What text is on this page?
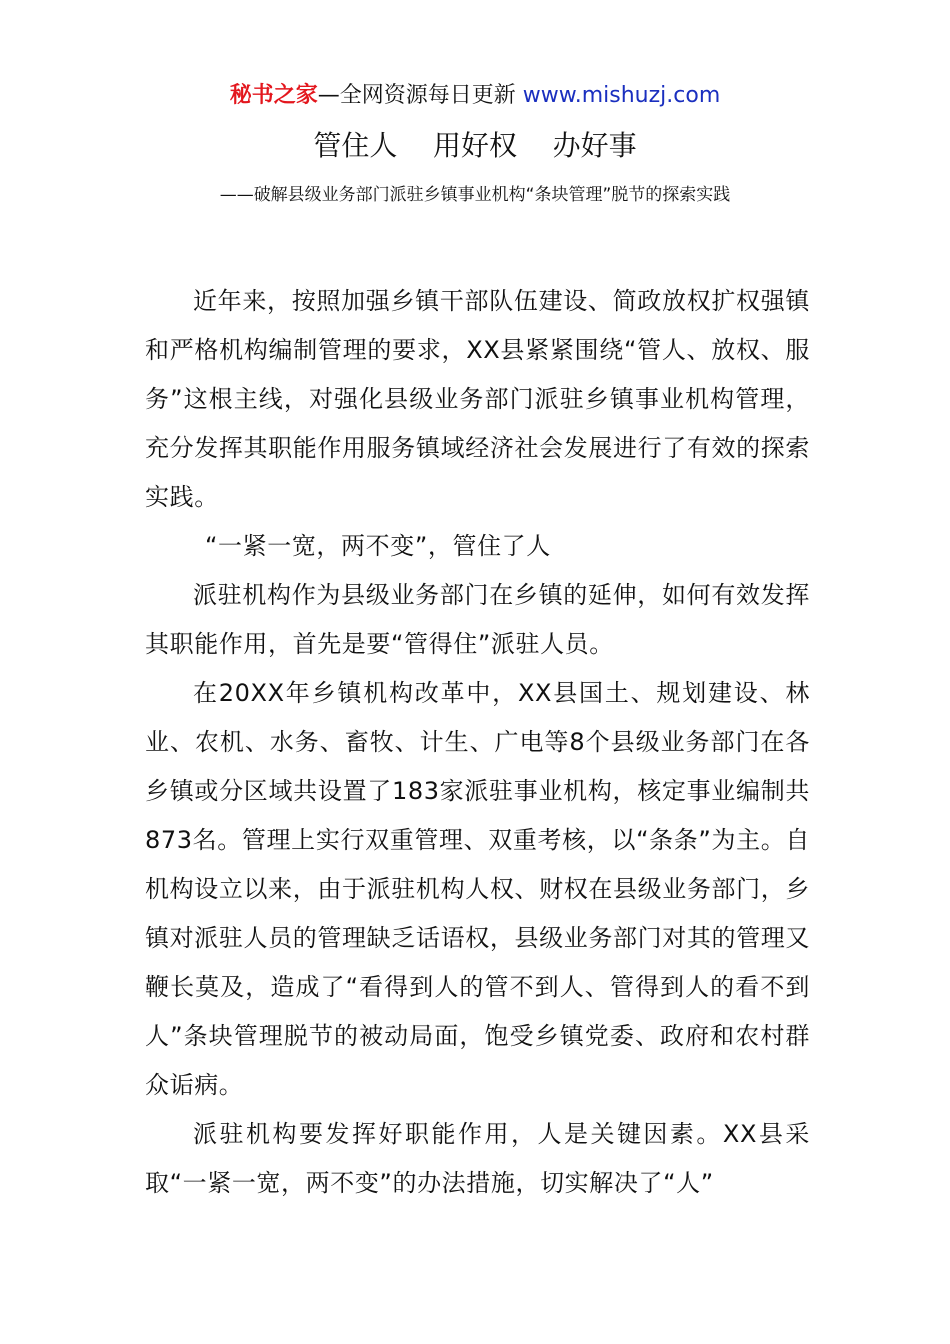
秘书之家—全网资源每日更新 www.mishuzj.com
管住人    用好权    办好事
——破解县级业务部门派驻乡镇事业机构“条块管理”脱节的探索实践

近年来，按照加强乡镇干部队伍建设、简政放权扩权强镇和严格机构编制管理的要求，XX县紧紧围绕“管人、放权、服务”这根主线，对强化县级业务部门派驻乡镇事业机构管理，充分发挥其职能作用服务镇域经济社会发展进行了有效的探索实践。

“一紧一宽，两不变”，管住了人

派驻机构作为县级业务部门在乡镇的延伸，如何有效发挥其职能作用，首先是要“管得住”派驻人员。

在20XX年乡镇机构改革中，XX县国土、规划建设、林业、农机、水务、畜牧、计生、广电等8个县级业务部门在各乡镇或分区域共设置了183家派驻事业机构，核定事业编制共873名。管理上实行双重管理、双重考核，以“条条”为主。自机构设立以来，由于派驻机构人权、财权在县级业务部门，乡镇对派驻人员的管理缺乏话语权，县级业务部门对其的管理又鞭长莫及，造成了“看得到人的管不到人、管得到人的看不到人”条块管理脱节的被动局面，饱受乡镇党委、政府和农村群众诟病。

派驻机构要发挥好职能作用，人是关键因素。XX县采取“一紧一宽，两不变”的办法措施，切实解决了“人”
